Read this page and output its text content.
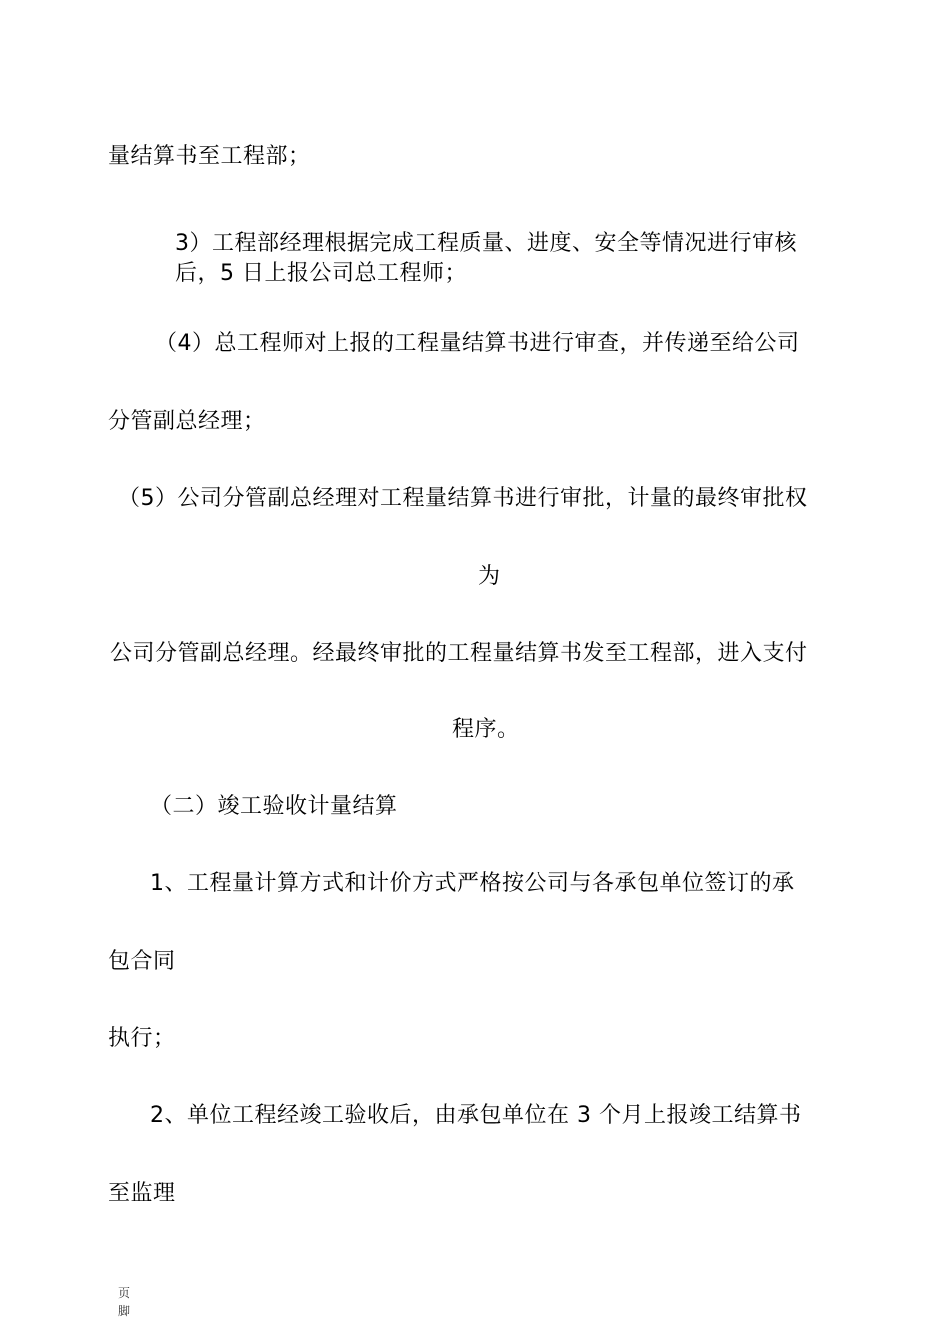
量结算书至工程部；
3）工程部经理根据完成工程质量、进度、安全等情况进行审核
后，5 日上报公司总工程师；
（4）总工程师对上报的工程量结算书进行审查，并传递至给公司
分管副总经理；
（5）公司分管副总经理对工程量结算书进行审批，计量的最终审批权
为
公司分管副总经理。经最终审批的工程量结算书发至工程部，进入支付
程序。
（二）竣工验收计量结算
1、工程量计算方式和计价方式严格按公司与各承包单位签订的承
包合同
执行；
2、单位工程经竣工验收后，由承包单位在 3 个月上报竣工结算书
至监理
页脚
